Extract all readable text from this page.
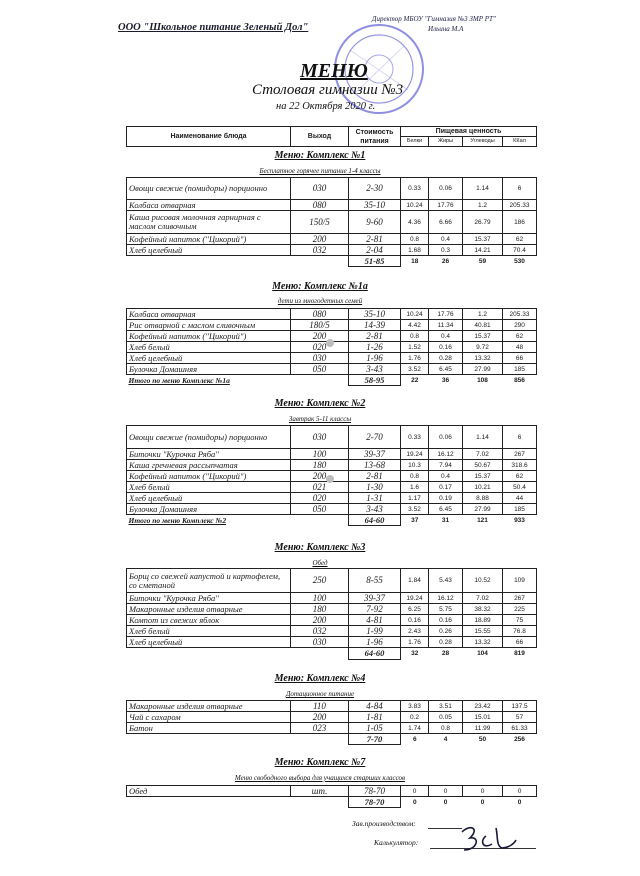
ООО "Школьное питание Зеленый Дол"
Директор МБОУ "Гимназия №3 ЗМР РТ"
Ильина М.А
МЕНЮ
Столовая гимназии №3
на 22 Октября 2020 г.
Наименование блюда	Выход	Стоимость питания	Пищевая ценность			
			Белки	Жиры	Углеводы	ККал
Меню: Комплекс №1
Бесплатное горячее питание 1-4 классы
Овощи свежие (помидоры) порционно	030	2-30	0.33	0.06	1.14	6
Колбаса отварная	080	35-10	10.24	17.76	1.2	205.33
Каша рисовая молочная гарнирная с маслом сливочным	150/5	9-60	4.36	6.66	26.79	186
Кофейный напиток ("Цикорий")	200	2-81	0.8	0.4	15.37	62
Хлеб целебный	032	2-04	1.68	0.3	14.21	70.4
		51-85	18	26	59	530
Меню: Комплекс №1а
дети из многодетных семей
Колбаса отварная	080	35-10	10.24	17.76	1.2	205.33
Рис отварной с маслом сливочным	180/5	14-39	4.42	11.34	40.81	290
Кофейный напиток ("Цикорий")	200	2-81	0.8	0.4	15.37	62
Хлеб белый	020	1-26	1.52	0.16	9.72	48
Хлеб целебный	030	1-96	1.76	0.28	13.32	66
Булочка Домашняя	050	3-43	3.52	6.45	27.99	185
Итого по меню Комплекс №1а		58-95	22	36	108	856
Меню: Комплекс №2
Завтрак 5-11 классы
Овощи свежие (помидоры) порционно	030	2-70	0.33	0.06	1.14	6
Биточки "Курочка Ряба"	100	39-37	19.24	16.12	7.02	267
Каша гречневая рассыпчатая	180	13-68	10.3	7.94	50.67	318.6
Кофейный напиток ("Цикорий")	200	2-81	0.8	0.4	15.37	62
Хлеб белый	021	1-30	1.6	0.17	10.21	50.4
Хлеб целебный	020	1-31	1.17	0.19	8.88	44
Булочка Домашняя	050	3-43	3.52	6.45	27.99	185
Итого по меню Комплекс №2		64-60	37	31	121	933
Меню: Комплекс №3
Обед
Борщ со свежей капустой и картофелем, со сметаной	250	8-55	1.84	5.43	10.52	109
Биточки "Курочка Ряба"	100	39-37	19.24	16.12	7.02	267
Макаронные изделия отварные	180	7-92	6.25	5.75	38.32	225
Компот из свежих яблок	200	4-81	0.16	0.16	18.89	75
Хлеб белый	032	1-99	2.43	0.26	15.55	76.8
Хлеб целебный	030	1-96	1.76	0.28	13.32	66
		64-60	32	28	104	819
Меню: Комплекс №4
Дотационное питание
Макаронные изделия отварные	110	4-84	3.83	3.51	23.42	137.5
Чай с сахаром	200	1-81	0.2	0.05	15.01	57
Батон	023	1-05	1.74	0.8	11.99	61.33
		7-70	6	4	50	256
Меню: Комплекс №7
Меню свободного выбора для учащихся старших классов
Обед	шт.	78-70	0	0	0	0
		78-70	0	0	0	0
Зав.производством:
Калькулятор:
